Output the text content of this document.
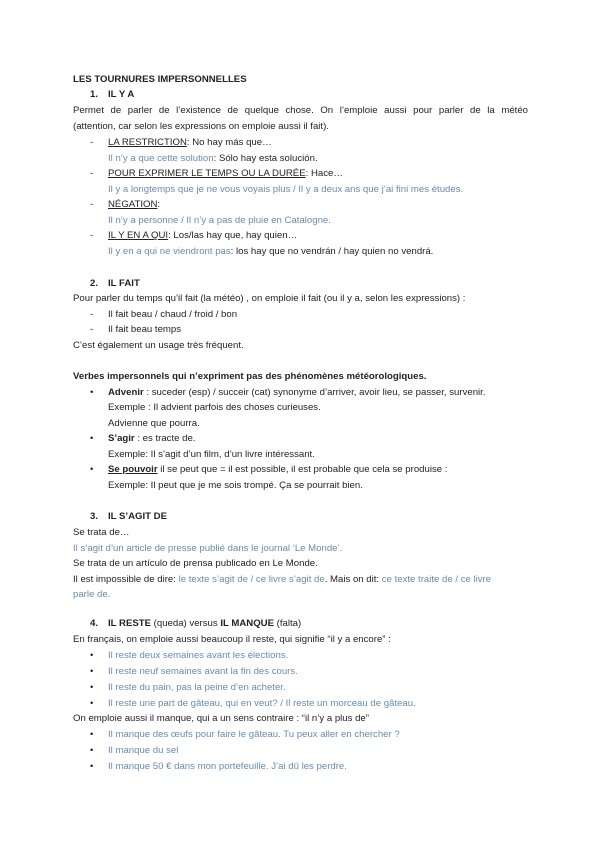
LES TOURNURES IMPERSONNELLES
1. IL Y A
Permet de parler de l’existence de quelque chose. On l’emploie aussi pour parler de la météo
(attention, car selon les expressions on emploie aussi il fait).
- LA RESTRICTION: No hay más que…
Il n’y a que cette solution: Sólo hay esta solución.
- POUR EXPRIMER LE TEMPS OU LA DURÉE: Hace…
Il y a longtemps que je ne vous voyais plus / Il y a deux ans que j’ai fini mes études.
- NÉGATION:
Il n’y a personne / Il n’y a pas de pluie en Catalogne.
- IL Y EN A QUI: Los/las hay que, hay quien…
Il y en a qui ne viendront pas: los hay que no vendrán / hay quien no vendrá.
2. IL FAIT
Pour parler du temps qu’il fait (la météo) , on emploie il fait (ou il y a, selon les expressions) :
- Il fait beau / chaud / froid / bon
- Il fait beau temps
C’est également un usage très fréquent.
Verbes impersonnels qui n’expriment pas des phénomènes météorologiques.
• Advenir : suceder (esp) / succeir (cat) synonyme d’arriver, avoir lieu, se passer, survenir.
Exemple : Il advient parfois des choses curieuses.
Advienne que pourra.
• S’agir : es tracte de.
Exemple: Il s’agit d’un film, d’un livre intéressant.
• Se pouvoir il se peut que = il est possible, il est probable que cela se produise :
Exemple: Il peut que je me sois trompé. Ça se pourrait bien.
3. IL S’AGIT DE
Se trata de…
Il s’agit d’un article de presse publié dans le journal ‘Le Monde’.
Se trata de un artículo de prensa publicado en Le Monde.
Il est impossible de dire: le texte s’agit de / ce livre s’agit de. Mais on dit: ce texte traite de / ce livre
parle de.
4. IL RESTE (queda) versus IL MANQUE (falta)
En français, on emploie aussi beaucoup il reste, qui signifie “il y a encore” :
• Il reste deux semaines avant les élections.
• Il reste neuf semaines avant la fin des cours.
• Il reste du pain, pas la peine d’en acheter.
• Il reste une part de gâteau, qui en veut? / Il reste un morceau de gâteau.
On emploie aussi il manque, qui a un sens contraire : “il n’y a plus de”
• Il manque des œufs pour faire le gâteau. Tu peux aller en chercher ?
• Il manque du sel
• Il manque 50 € dans mon portefeuille. J’ai dû les perdre.
